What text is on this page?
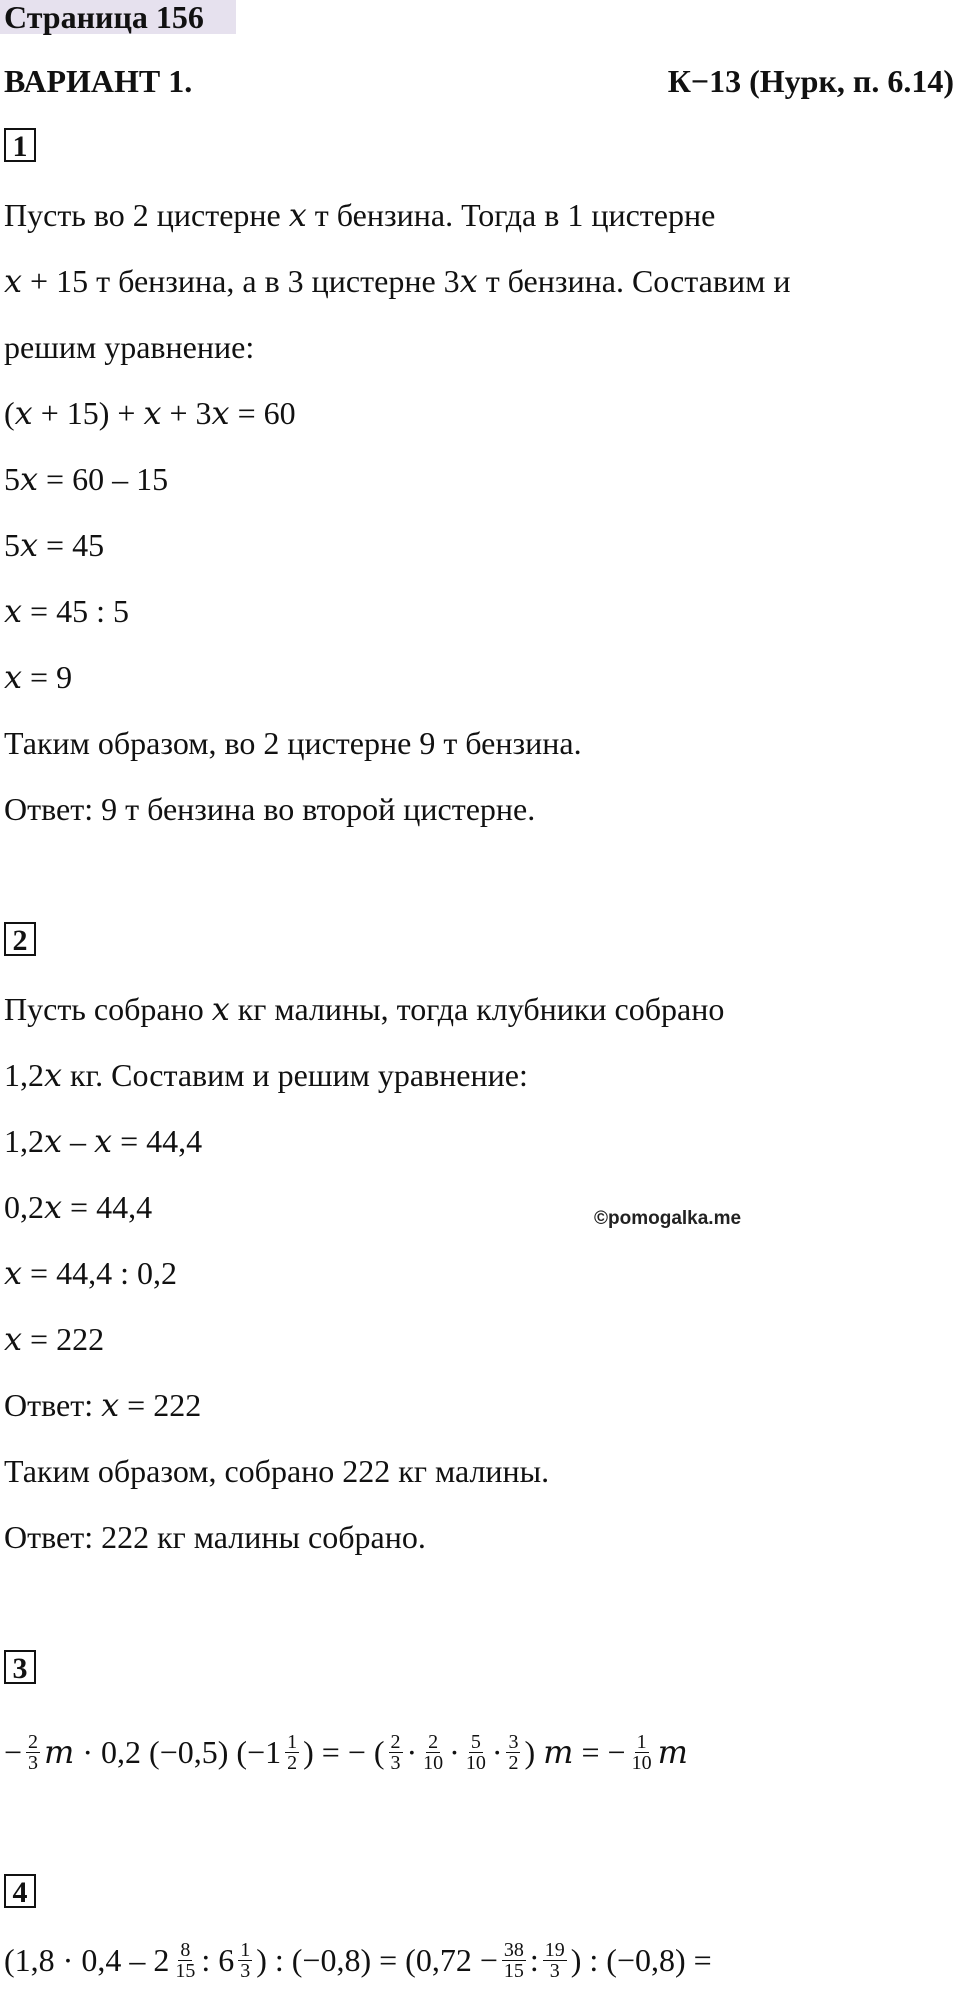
Страница 156
ВАРИАНТ 1.	К−13 (Нурк, п. 6.14)
1
Пусть во 2 цистерне 𝑥 т бензина. Тогда в 1 цистерне
𝑥 + 15 т бензина, а в 3 цистерне 3𝑥 т бензина. Составим и
решим уравнение:
(𝑥 + 15) + 𝑥 + 3𝑥 = 60
5𝑥 = 60 – 15
5𝑥 = 45
𝑥 = 45 : 5
𝑥 = 9
Таким образом, во 2 цистерне 9 т бензина.
Ответ: 9 т бензина во второй цистерне.
2
Пусть собрано 𝑥 кг малины, тогда клубники собрано
1,2𝑥 кг. Составим и решим уравнение:
1,2𝑥 – 𝑥 = 44,4
0,2𝑥 = 44,4
𝑥 = 44,4 : 0,2
𝑥 = 222
Ответ: 𝑥 = 222
Таким образом, собрано 222 кг малины.
Ответ: 222 кг малины собрано.
©pomogalka.me
3
− $\frac{2}{3}$ 𝑚 · 0,2 (−0,5) ($-1 \frac{1}{2}$ ) = − ( $\frac{2}{3} \cdot \frac{2}{10} \cdot \frac{5}{10} \cdot \frac{3}{2}$ ) 𝑚 = − $\frac{1}{10}$ 𝑚
4
($1,8 \cdot 0,4 - 2 \frac{8}{15}$ : $6 \frac{1}{3}$ ) : $(-0,8) = (0,72 - \frac{38}{15}$ : $\frac{19}{3}$ ) : (−0,8) =
